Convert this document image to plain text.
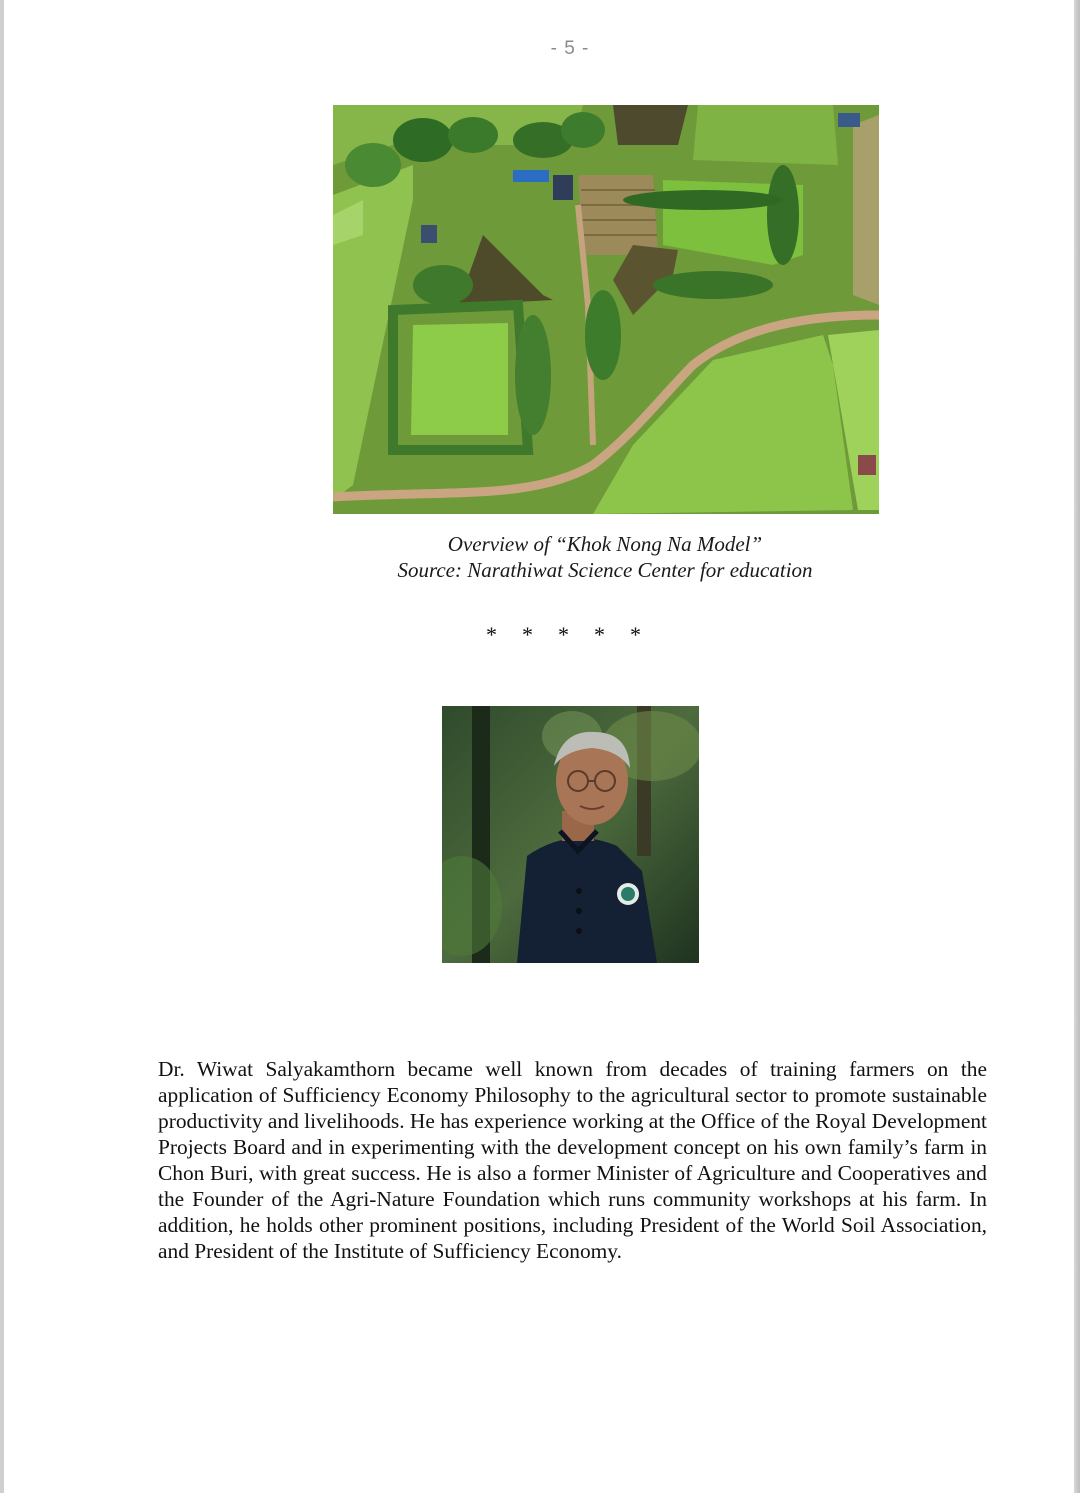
- 5 -
Overview of “Khok Nong Na Model”
Source: Narathiwat Science Center for education
* * * * *
Dr. Wiwat Salyakamthorn became well known from decades of training farmers on the application of Sufficiency Economy Philosophy to the agricultural sector to promote sustainable productivity and livelihoods. He has experience working at the Office of the Royal Development Projects Board and in experimenting with the development concept on his own family’s farm in Chon Buri, with great success. He is also a former Minister of Agriculture and Cooperatives and the Founder of the Agri-Nature Foundation which runs community workshops at his farm. In addition, he holds other prominent positions, including President of the World Soil Association, and President of the Institute of Sufficiency Economy.
